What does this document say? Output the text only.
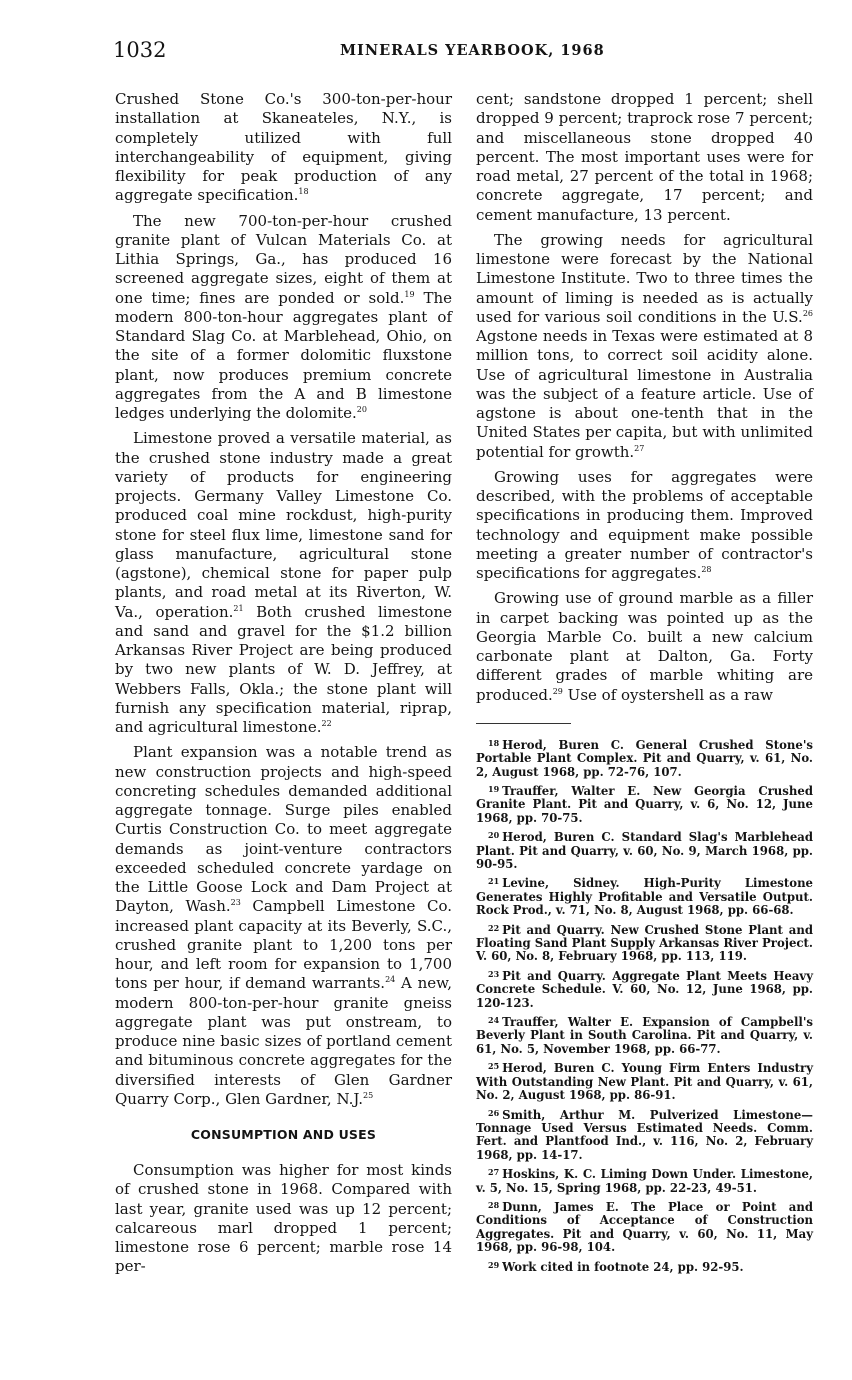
1032	MINERALS YEARBOOK, 1968

Crushed Stone Co.'s 300-ton-per-hour installation at Skaneateles, N.Y., is completely utilized with full interchangeability of equipment, giving flexibility for peak production of any aggregate specification.$^{18}$

The new 700-ton-per-hour crushed granite plant of Vulcan Materials Co. at Lithia Springs, Ga., has produced 16 screened aggregate sizes, eight of them at one time; fines are ponded or sold.$^{19}$ The modern 800-ton-hour aggregates plant of Standard Slag Co. at Marblehead, Ohio, on the site of a former dolomitic fluxstone plant, now produces premium concrete aggregates from the A and B limestone ledges underlying the dolomite.$^{20}$

Limestone proved a versatile material, as the crushed stone industry made a great variety of products for engineering projects. Germany Valley Limestone Co. produced coal mine rockdust, high-purity stone for steel flux lime, limestone sand for glass manufacture, agricultural stone (agstone), chemical stone for paper pulp plants, and road metal at its Riverton, W. Va., operation.$^{21}$ Both crushed limestone and sand and gravel for the $1.2 billion Arkansas River Project are being produced by two new plants of W. D. Jeffrey, at Webbers Falls, Okla.; the stone plant will furnish any specification material, riprap, and agricultural limestone.$^{22}$

Plant expansion was a notable trend as new construction projects and high-speed concreting schedules demanded additional aggregate tonnage. Surge piles enabled Curtis Construction Co. to meet aggregate demands as joint-venture contractors exceeded scheduled concrete yardage on the Little Goose Lock and Dam Project at Dayton, Wash.$^{23}$ Campbell Limestone Co. increased plant capacity at its Beverly, S.C., crushed granite plant to 1,200 tons per hour, and left room for expansion to 1,700 tons per hour, if demand warrants.$^{24}$ A new, modern 800-ton-per-hour granite gneiss aggregate plant was put onstream, to produce nine basic sizes of portland cement and bituminous concrete aggregates for the diversified interests of Glen Gardner Quarry Corp., Glen Gardner, N.J.$^{25}$

CONSUMPTION AND USES

Consumption was higher for most kinds of crushed stone in 1968. Compared with last year, granite used was up 12 percent; calcareous marl dropped 1 percent; limestone rose 6 percent; marble rose 14 per-

cent; sandstone dropped 1 percent; shell dropped 9 percent; traprock rose 7 percent; and miscellaneous stone dropped 40 percent. The most important uses were for road metal, 27 percent of the total in 1968; concrete aggregate, 17 percent; and cement manufacture, 13 percent.

The growing needs for agricultural limestone were forecast by the National Limestone Institute. Two to three times the amount of liming is needed as is actually used for various soil conditions in the U.S.$^{26}$ Agstone needs in Texas were estimated at 8 million tons, to correct soil acidity alone. Use of agricultural limestone in Australia was the subject of a feature article. Use of agstone is about one-tenth that in the United States per capita, but with unlimited potential for growth.$^{27}$

Growing uses for aggregates were described, with the problems of acceptable specifications in producing them. Improved technology and equipment make possible meeting a greater number of contractor's specifications for aggregates.$^{28}$

Growing use of ground marble as a filler in carpet backing was pointed up as the Georgia Marble Co. built a new calcium carbonate plant at Dalton, Ga. Forty different grades of marble whiting are produced.$^{29}$ Use of oystershell as a raw

$^{18}$ Herod, Buren C. General Crushed Stone's Portable Plant Complex. Pit and Quarry, v. 61, No. 2, August 1968, pp. 72-76, 107.

$^{19}$ Trauffer, Walter E. New Georgia Crushed Granite Plant. Pit and Quarry, v. 6, No. 12, June 1968, pp. 70-75.

$^{20}$ Herod, Buren C. Standard Slag's Marblehead Plant. Pit and Quarry, v. 60, No. 9, March 1968, pp. 90-95.

$^{21}$ Levine, Sidney. High-Purity Limestone Generates Highly Profitable and Versatile Output. Rock Prod., v. 71, No. 8, August 1968, pp. 66-68.

$^{22}$ Pit and Quarry. New Crushed Stone Plant and Floating Sand Plant Supply Arkansas River Project. V. 60, No. 8, February 1968, pp. 113, 119.

$^{23}$ Pit and Quarry. Aggregate Plant Meets Heavy Concrete Schedule. V. 60, No. 12, June 1968, pp. 120-123.

$^{24}$ Trauffer, Walter E. Expansion of Campbell's Beverly Plant in South Carolina. Pit and Quarry, v. 61, No. 5, November 1968, pp. 66-77.

$^{25}$ Herod, Buren C. Young Firm Enters Industry With Outstanding New Plant. Pit and Quarry, v. 61, No. 2, August 1968, pp. 86-91.

$^{26}$ Smith, Arthur M. Pulverized Limestone—Tonnage Used Versus Estimated Needs. Comm. Fert. and Plantfood Ind., v. 116, No. 2, February 1968, pp. 14-17.

$^{27}$ Hoskins, K. C. Liming Down Under. Limestone, v. 5, No. 15, Spring 1968, pp. 22-23, 49-51.

$^{28}$ Dunn, James E. The Place or Point and Conditions of Acceptance of Construction Aggregates. Pit and Quarry, v. 60, No. 11, May 1968, pp. 96-98, 104.

$^{29}$ Work cited in footnote 24, pp. 92-95.
